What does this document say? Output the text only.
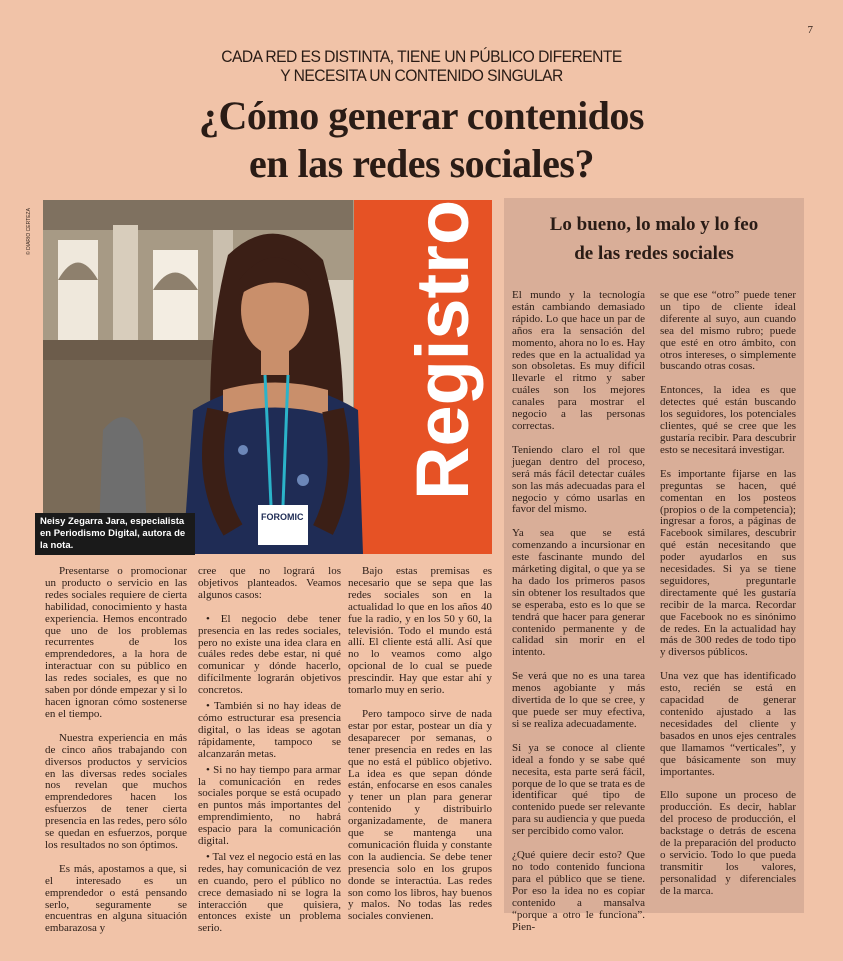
7
CADA RED ES DISTINTA, TIENE UN PÚBLICO DIFERENTE
Y NECESITA UN CONTENIDO SINGULAR
¿Cómo generar contenidos
en las redes sociales?
© DIARIO CERTEZA	Registro
FOROMIC
Neisy Zegarra Jara, especialista en Periodismo Digital, autora de la nota.
Lo bueno, lo malo y lo feo
de las redes sociales

Presentarse o promocionar un producto o servicio en las redes sociales requiere de cierta habilidad, conocimiento y hasta experiencia. Hemos encontrado que uno de los problemas recurrentes de los emprendedores, a la hora de interactuar con su público en las redes sociales, es que no saben por dónde empezar y si lo hacen ignoran cómo sostenerse en el tiempo.

Nuestra experiencia en más de cinco años trabajando con diversos productos y servicios en las diversas redes sociales nos revelan que muchos emprendedores hacen los esfuerzos de tener cierta presencia en las redes, pero sólo se quedan en esfuerzos, porque los resultados no son óptimos.

Es más, apostamos a que, si el interesado es un emprendedor o está pensando serlo, seguramente se encuentras en alguna situación embarazosa y

cree que no logrará los objetivos planteados. Veamos algunos casos:

• El negocio debe tener presencia en las redes sociales, pero no existe una idea clara en cuáles redes debe estar, ni qué comunicar y dónde hacerlo, difícilmente lograrán objetivos concretos.

• También si no hay ideas de cómo estructurar esa presencia digital, o las ideas se agotan rápidamente, tampoco se alcanzarán metas.

• Si no hay tiempo para armar la comunicación en redes sociales porque se está ocupado en puntos más importantes del emprendimiento, no habrá espacio para la comunicación digital.

• Tal vez el negocio está en las redes, hay comunicación de vez en cuando, pero el público no crece demasiado ni se logra la interacción que quisiera, entonces existe un problema serio.

Bajo estas premisas es necesario que se sepa que las redes sociales son en la actualidad lo que en los años 40 fue la radio, y en los 50 y 60, la televisión. Todo el mundo está allí. El cliente está allí. Así que no lo veamos como algo opcional de lo cual se puede prescindir. Hay que estar ahí y tomarlo muy en serio.

Pero tampoco sirve de nada estar por estar, postear un día y desaparecer por semanas, o tener presencia en redes en las que no está el público objetivo. La idea es que sepan dónde están, enfocarse en esos canales y tener un plan para generar contenido y distribuirlo organizadamente, de manera que se mantenga una comunicación fluida y constante con la audiencia. Se debe tener presencia solo en los grupos donde se interactúa. Las redes son como los libros, hay buenos y malos. No todas las redes sociales convienen.

El mundo y la tecnología están cambiando demasiado rápido. Lo que hace un par de años era la sensación del momento, ahora no lo es. Hay redes que en la actualidad ya son obsoletas. Es muy difícil llevarle el ritmo y saber cuáles son los mejores canales para mostrar el negocio a las personas correctas.

Teniendo claro el rol que juegan dentro del proceso, será más fácil detectar cuáles son las más adecuadas para el negocio y cómo usarlas en favor del mismo.

Ya sea que se está comenzando a incursionar en este fascinante mundo del márketing digital, o que ya se ha dado los primeros pasos sin obtener los resultados que se esperaba, esto es lo que se tendrá que hacer para generar contenido permanente y de calidad sin morir en el intento.

Se verá que no es una tarea menos agobiante y más divertida de lo que se cree, y que puede ser muy efectiva, si se realiza adecuadamente.

Si ya se conoce al cliente ideal a fondo y se sabe qué necesita, esta parte será fácil, porque de lo que se trata es de identificar qué tipo de contenido puede ser relevante para su audiencia y que pueda ser percibido como valor.

¿Qué quiere decir esto? Que no todo contenido funciona para el público que se tiene. Por eso la idea no es copiar contenido a mansalva “porque a otro le funciona”. Pien-

se que ese “otro” puede tener un tipo de cliente ideal diferente al suyo, aun cuando sea del mismo rubro; puede que esté en otro ámbito, con otros intereses, o simplemente buscando otras cosas.

Entonces, la idea es que detectes qué están buscando los seguidores, los potenciales clientes, qué se cree que les gustaría recibir. Para descubrir esto se necesitará investigar.

Es importante fijarse en las preguntas se hacen, qué comentan en los posteos (propios o de la competencia); ingresar a foros, a páginas de Facebook similares, descubrir qué están necesitando que poder ayudarlos en sus necesidades. Si ya se tiene seguidores, preguntarle directamente qué les gustaría recibir de la marca. Recordar que Facebook no es sinónimo de redes. En la actualidad hay más de 300 redes de todo tipo y diversos públicos.

Una vez que has identificado esto, recién se está en capacidad de generar contenido ajustado a las necesidades del cliente y basados en unos ejes centrales que llamamos “verticales”, y que básicamente son muy importantes.

Ello supone un proceso de producción. Es decir, hablar del proceso de producción, el backstage o detrás de escena de la preparación del producto o servicio. Todo lo que pueda transmitir los valores, personalidad y diferenciales de la marca.
